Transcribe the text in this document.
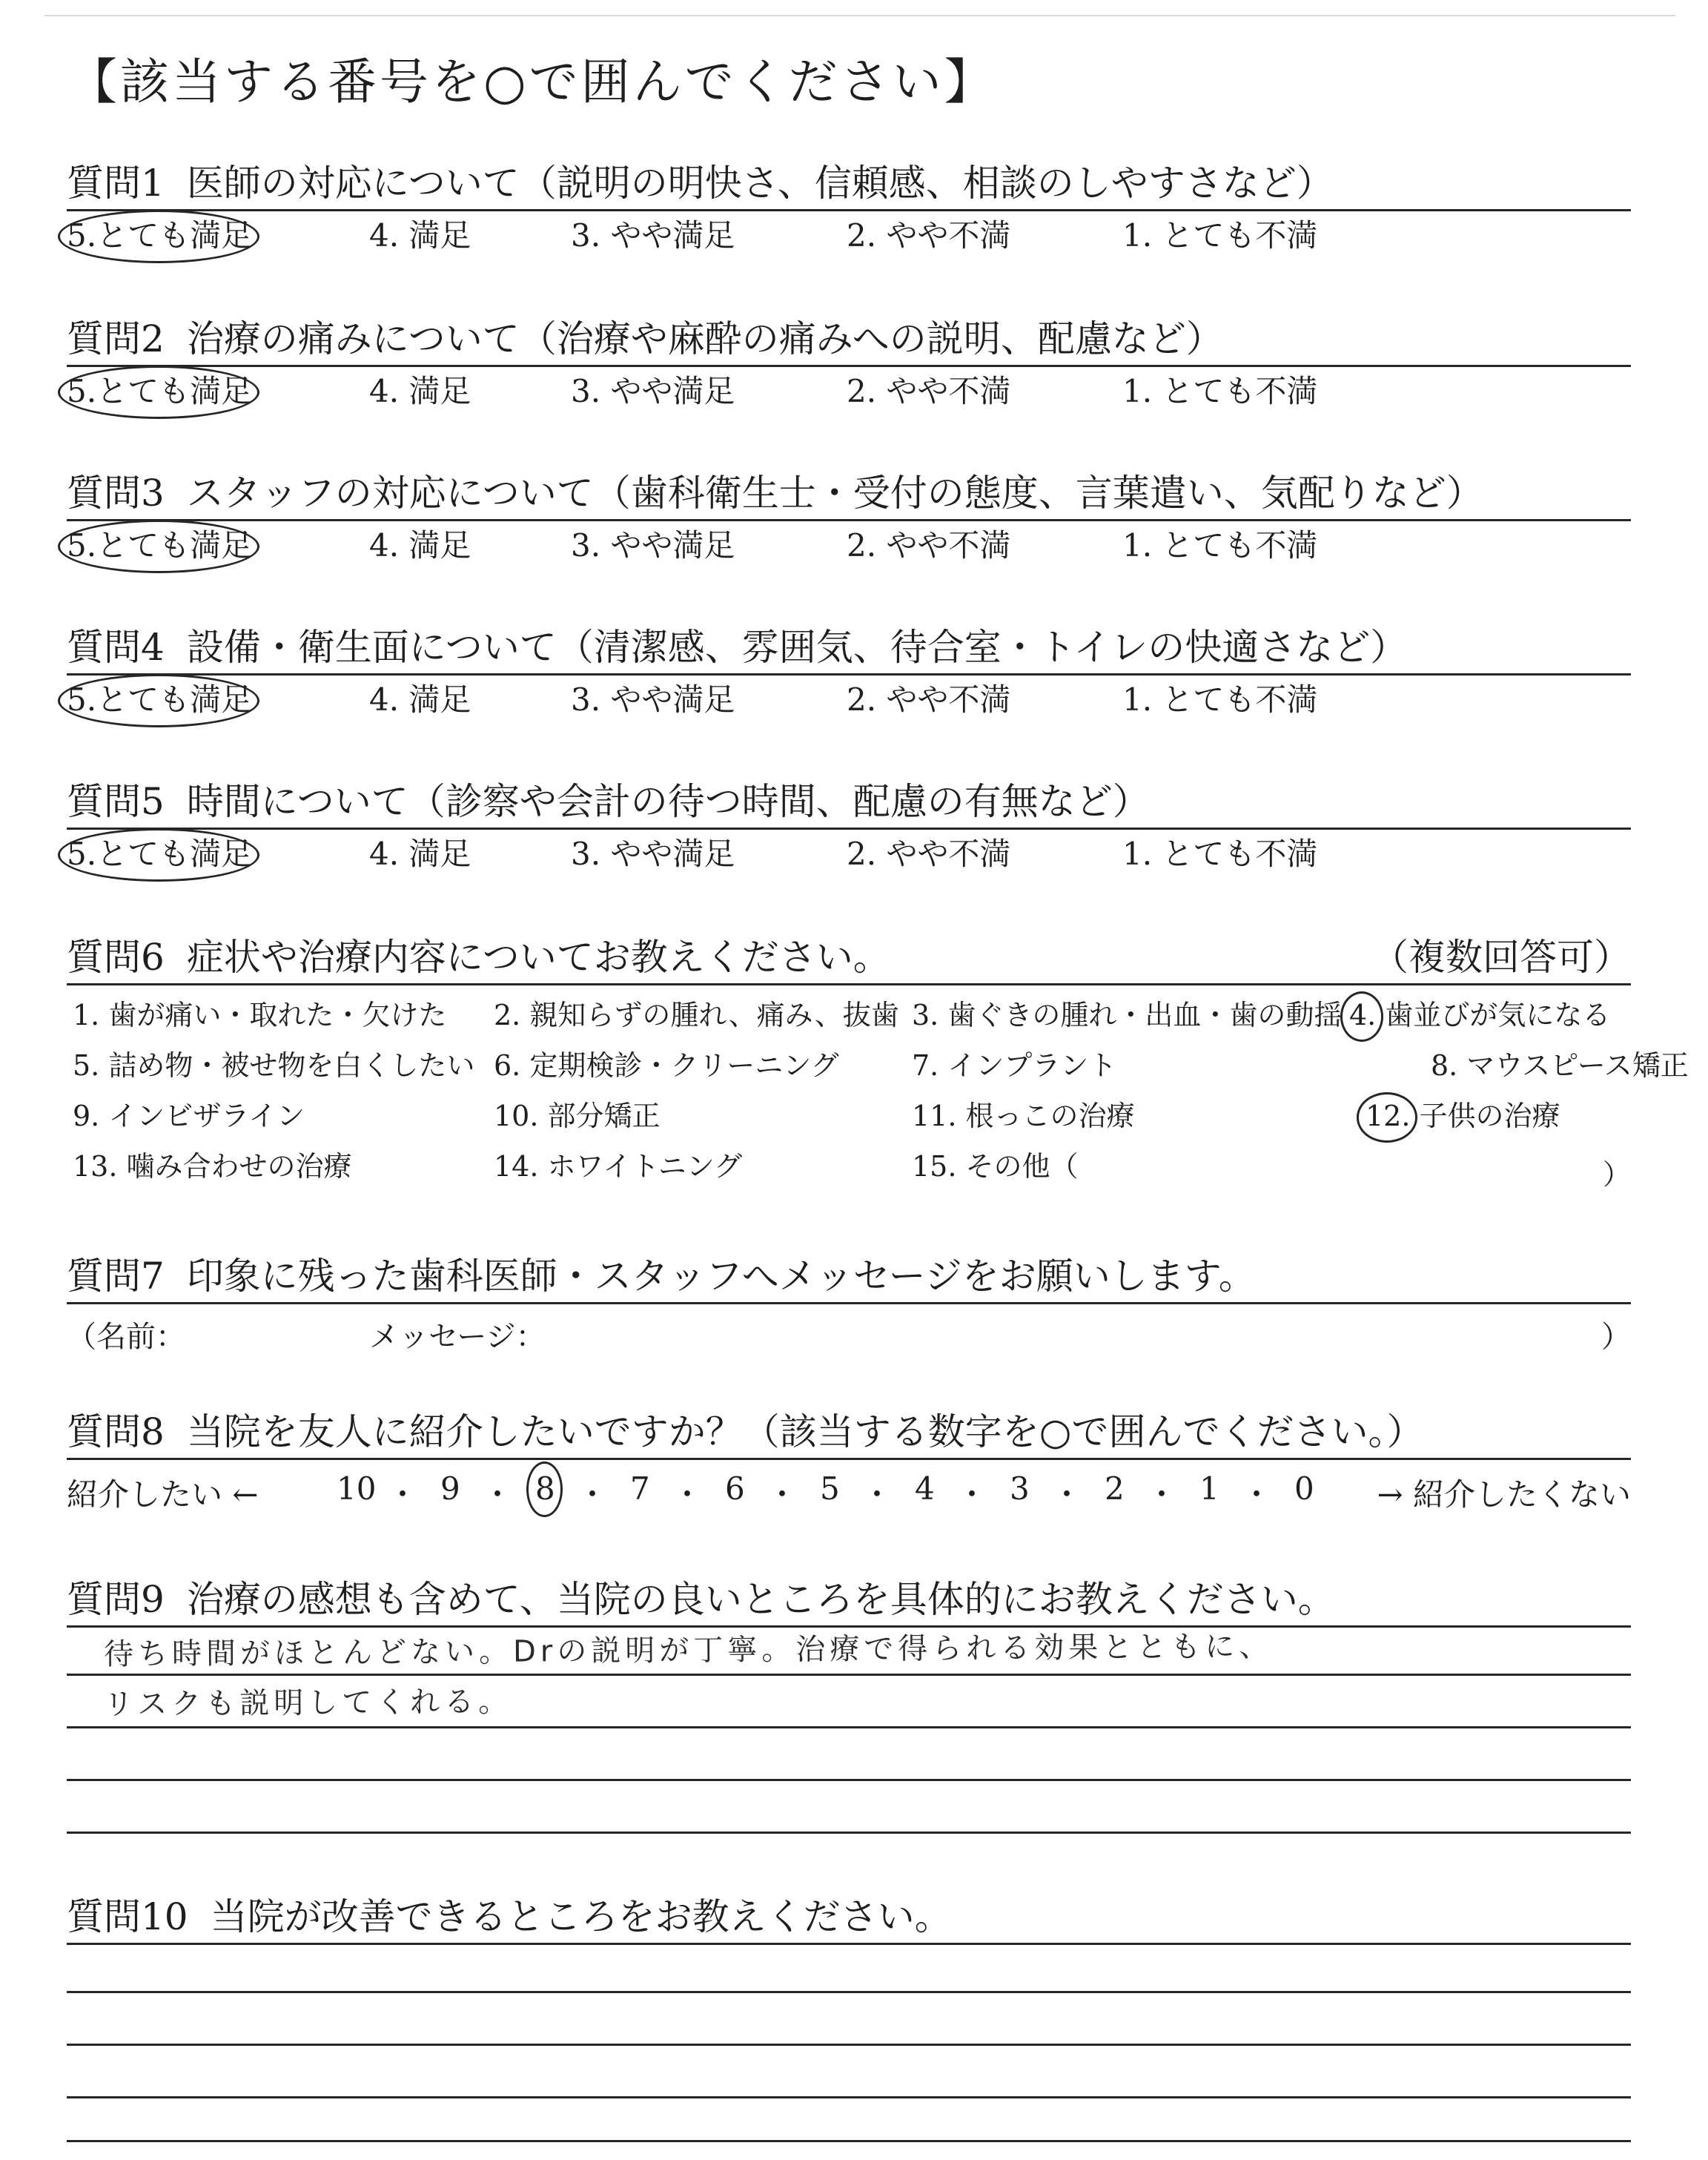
【該当する番号を○で囲んでください】
質問1 医師の対応について（説明の明快さ、信頼感、相談のしやすさなど）
5.とても満足	4. 満足	3. やや満足	2. やや不満	1. とても不満
質問2 治療の痛みについて（治療や麻酔の痛みへの説明、配慮など）
5.とても満足	4. 満足	3. やや満足	2. やや不満	1. とても不満
質問3 スタッフの対応について（歯科衛生士・受付の態度、言葉遣い、気配りなど）
5.とても満足	4. 満足	3. やや満足	2. やや不満	1. とても不満
質問4 設備・衛生面について（清潔感、雰囲気、待合室・トイレの快適さなど）
5.とても満足	4. 満足	3. やや満足	2. やや不満	1. とても不満
質問5 時間について（診察や会計の待つ時間、配慮の有無など）
5.とても満足	4. 満足	3. やや満足	2. やや不満	1. とても不満
質問6 症状や治療内容についてお教えください。	（複数回答可）
1. 歯が痛い・取れた・欠けた 2. 親知らずの腫れ、痛み、抜歯 3. 歯ぐきの腫れ・出血・歯の動揺 4. 歯並びが気になる
5. 詰め物・被せ物を白くしたい 6. 定期検診・クリーニング	7. インプラント	8. マウスピース矯正
9. インビザライン	10. 部分矯正	11. 根っこの治療	12. 子供の治療
13. 噛み合わせの治療	14. ホワイトニング	15. その他（	）
質問7 印象に残った歯科医師・スタッフへメッセージをお願いします。
（名前：	メッセージ：	）
質問8 当院を友人に紹介したいですか？（該当する数字を○で囲んでください。）
紹介したい ←	→ 紹介したくない
10 ・ 9 ・ 8 ・ 7 ・ 6 ・ 5 ・ 4 ・ 3 ・ 2 ・ 1 ・ 0
質問9 治療の感想も含めて、当院の良いところを具体的にお教えください。
待ち時間がほとんどない。Drの説明が丁寧。治療で得られる効果とともに、
リスクも説明してくれる。
質問10 当院が改善できるところをお教えください。
